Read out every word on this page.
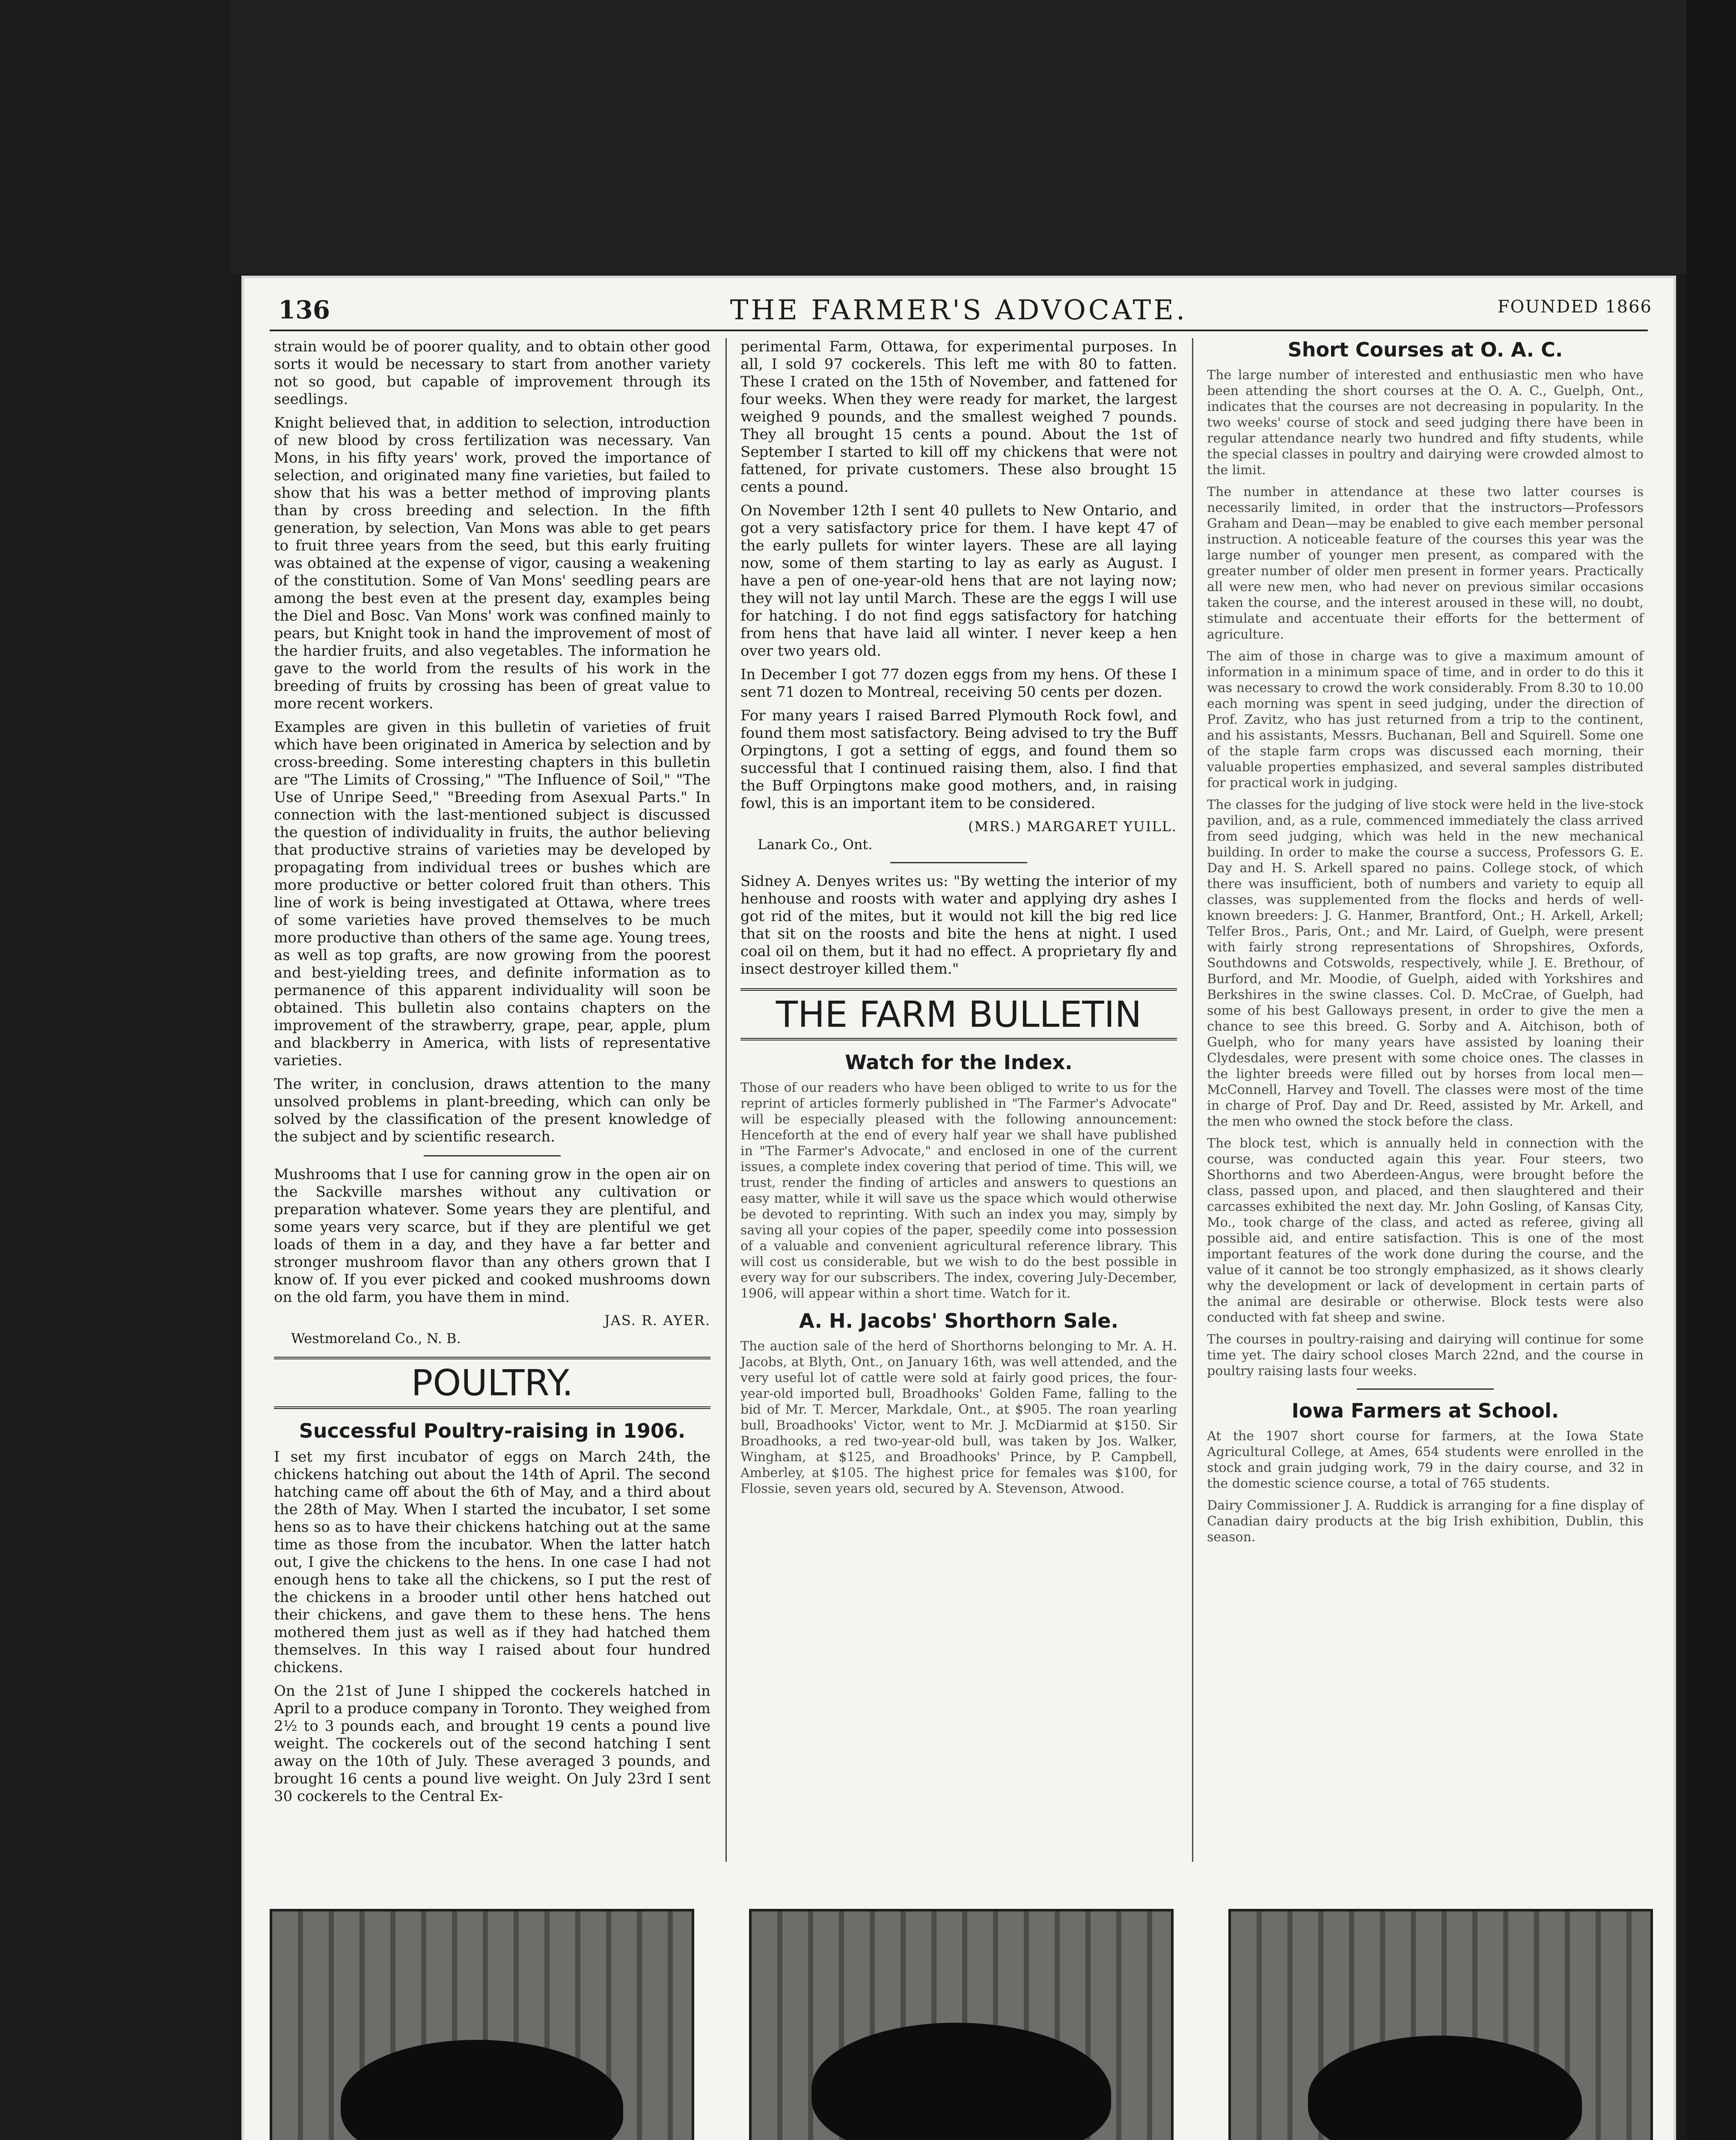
136	THE FARMER'S ADVOCATE.	FOUNDED 1866

strain would be of poorer quality, and to obtain other good sorts it would be necessary to start from another variety not so good, but capable of improvement through its seedlings.

Knight believed that, in addition to selection, introduction of new blood by cross fertilization was necessary. Van Mons, in his fifty years' work, proved the importance of selection, and originated many fine varieties, but failed to show that his was a better method of improving plants than by cross breeding and selection. In the fifth generation, by selection, Van Mons was able to get pears to fruit three years from the seed, but this early fruiting was obtained at the expense of vigor, causing a weakening of the constitution. Some of Van Mons' seedling pears are among the best even at the present day, examples being the Diel and Bosc. Van Mons' work was confined mainly to pears, but Knight took in hand the improvement of most of the hardier fruits, and also vegetables. The information he gave to the world from the results of his work in the breeding of fruits by crossing has been of great value to more recent workers.

Examples are given in this bulletin of varieties of fruit which have been originated in America by selection and by cross-breeding. Some interesting chapters in this bulletin are "The Limits of Crossing," "The Influence of Soil," "The Use of Unripe Seed," "Breeding from Asexual Parts." In connection with the last-mentioned subject is discussed the question of individuality in fruits, the author believing that productive strains of varieties may be developed by propagating from individual trees or bushes which are more productive or better colored fruit than others. This line of work is being investigated at Ottawa, where trees of some varieties have proved themselves to be much more productive than others of the same age. Young trees, as well as top grafts, are now growing from the poorest and best-yielding trees, and definite information as to permanence of this apparent individuality will soon be obtained. This bulletin also contains chapters on the improvement of the strawberry, grape, pear, apple, plum and blackberry in America, with lists of representative varieties.

The writer, in conclusion, draws attention to the many unsolved problems in plant-breeding, which can only be solved by the classification of the present knowledge of the subject and by scientific research.

Mushrooms that I use for canning grow in the open air on the Sackville marshes without any cultivation or preparation whatever. Some years they are plentiful, and some years very scarce, but if they are plentiful we get loads of them in a day, and they have a far better and stronger mushroom flavor than any others grown that I know of. If you ever picked and cooked mushrooms down on the old farm, you have them in mind.

JAS. R. AYER.

Westmoreland Co., N. B.

POULTRY.
Successful Poultry-raising in 1906.

I set my first incubator of eggs on March 24th, the chickens hatching out about the 14th of April. The second hatching came off about the 6th of May, and a third about the 28th of May. When I started the incubator, I set some hens so as to have their chickens hatching out at the same time as those from the incubator. When the latter hatch out, I give the chickens to the hens. In one case I had not enough hens to take all the chickens, so I put the rest of the chickens in a brooder until other hens hatched out their chickens, and gave them to these hens. The hens mothered them just as well as if they had hatched them themselves. In this way I raised about four hundred chickens.

On the 21st of June I shipped the cockerels hatched in April to a produce company in Toronto. They weighed from 2½ to 3 pounds each, and brought 19 cents a pound live weight. The cockerels out of the second hatching I sent away on the 10th of July. These averaged 3 pounds, and brought 16 cents a pound live weight. On July 23rd I sent 30 cockerels to the Central Ex-

perimental Farm, Ottawa, for experimental purposes. In all, I sold 97 cockerels. This left me with 80 to fatten. These I crated on the 15th of November, and fattened for four weeks. When they were ready for market, the largest weighed 9 pounds, and the smallest weighed 7 pounds. They all brought 15 cents a pound. About the 1st of September I started to kill off my chickens that were not fattened, for private customers. These also brought 15 cents a pound.

On November 12th I sent 40 pullets to New Ontario, and got a very satisfactory price for them. I have kept 47 of the early pullets for winter layers. These are all laying now, some of them starting to lay as early as August. I have a pen of one-year-old hens that are not laying now; they will not lay until March. These are the eggs I will use for hatching. I do not find eggs satisfactory for hatching from hens that have laid all winter. I never keep a hen over two years old.

In December I got 77 dozen eggs from my hens. Of these I sent 71 dozen to Montreal, receiving 50 cents per dozen.

For many years I raised Barred Plymouth Rock fowl, and found them most satisfactory. Being advised to try the Buff Orpingtons, I got a setting of eggs, and found them so successful that I continued raising them, also. I find that the Buff Orpingtons make good mothers, and, in raising fowl, this is an important item to be considered.

(MRS.) MARGARET YUILL.

Lanark Co., Ont.

Sidney A. Denyes writes us: "By wetting the interior of my henhouse and roosts with water and applying dry ashes I got rid of the mites, but it would not kill the big red lice that sit on the roosts and bite the hens at night. I used coal oil on them, but it had no effect. A proprietary fly and insect destroyer killed them."

THE FARM BULLETIN
Watch for the Index.

Those of our readers who have been obliged to write to us for the reprint of articles formerly published in "The Farmer's Advocate" will be especially pleased with the following announcement: Henceforth at the end of every half year we shall have published in "The Farmer's Advocate," and enclosed in one of the current issues, a complete index covering that period of time. This will, we trust, render the finding of articles and answers to questions an easy matter, while it will save us the space which would otherwise be devoted to reprinting. With such an index you may, simply by saving all your copies of the paper, speedily come into possession of a valuable and convenient agricultural reference library. This will cost us considerable, but we wish to do the best possible in every way for our subscribers. The index, covering July-December, 1906, will appear within a short time. Watch for it.

A. H. Jacobs' Shorthorn Sale.

The auction sale of the herd of Shorthorns belonging to Mr. A. H. Jacobs, at Blyth, Ont., on January 16th, was well attended, and the very useful lot of cattle were sold at fairly good prices, the four-year-old imported bull, Broadhooks' Golden Fame, falling to the bid of Mr. T. Mercer, Markdale, Ont., at $905. The roan yearling bull, Broadhooks' Victor, went to Mr. J. McDiarmid at $150. Sir Broadhooks, a red two-year-old bull, was taken by Jos. Walker, Wingham, at $125, and Broadhooks' Prince, by P. Campbell, Amberley, at $105. The highest price for females was $100, for Flossie, seven years old, secured by A. Stevenson, Atwood.

Short Courses at O. A. C.

The large number of interested and enthusiastic men who have been attending the short courses at the O. A. C., Guelph, Ont., indicates that the courses are not decreasing in popularity. In the two weeks' course of stock and seed judging there have been in regular attendance nearly two hundred and fifty students, while the special classes in poultry and dairying were crowded almost to the limit.

The number in attendance at these two latter courses is necessarily limited, in order that the instructors—Professors Graham and Dean—may be enabled to give each member personal instruction. A noticeable feature of the courses this year was the large number of younger men present, as compared with the greater number of older men present in former years. Practically all were new men, who had never on previous similar occasions taken the course, and the interest aroused in these will, no doubt, stimulate and accentuate their efforts for the betterment of agriculture.

The aim of those in charge was to give a maximum amount of information in a minimum space of time, and in order to do this it was necessary to crowd the work considerably. From 8.30 to 10.00 each morning was spent in seed judging, under the direction of Prof. Zavitz, who has just returned from a trip to the continent, and his assistants, Messrs. Buchanan, Bell and Squirell. Some one of the staple farm crops was discussed each morning, their valuable properties emphasized, and several samples distributed for practical work in judging.

The classes for the judging of live stock were held in the live-stock pavilion, and, as a rule, commenced immediately the class arrived from seed judging, which was held in the new mechanical building. In order to make the course a success, Professors G. E. Day and H. S. Arkell spared no pains. College stock, of which there was insufficient, both of numbers and variety to equip all classes, was supplemented from the flocks and herds of well-known breeders: J. G. Hanmer, Brantford, Ont.; H. Arkell, Arkell; Telfer Bros., Paris, Ont.; and Mr. Laird, of Guelph, were present with fairly strong representations of Shropshires, Oxfords, Southdowns and Cotswolds, respectively, while J. E. Brethour, of Burford, and Mr. Moodie, of Guelph, aided with Yorkshires and Berkshires in the swine classes. Col. D. McCrae, of Guelph, had some of his best Galloways present, in order to give the men a chance to see this breed. G. Sorby and A. Aitchison, both of Guelph, who for many years have assisted by loaning their Clydesdales, were present with some choice ones. The classes in the lighter breeds were filled out by horses from local men—McConnell, Harvey and Tovell. The classes were most of the time in charge of Prof. Day and Dr. Reed, assisted by Mr. Arkell, and the men who owned the stock before the class.

The block test, which is annually held in connection with the course, was conducted again this year. Four steers, two Shorthorns and two Aberdeen-Angus, were brought before the class, passed upon, and placed, and then slaughtered and their carcasses exhibited the next day. Mr. John Gosling, of Kansas City, Mo., took charge of the class, and acted as referee, giving all possible aid, and entire satisfaction. This is one of the most important features of the work done during the course, and the value of it cannot be too strongly emphasized, as it shows clearly why the development or lack of development in certain parts of the animal are desirable or otherwise. Block tests were also conducted with fat sheep and swine.

The courses in poultry-raising and dairying will continue for some time yet. The dairy school closes March 22nd, and the course in poultry raising lasts four weeks.

Iowa Farmers at School.

At the 1907 short course for farmers, at the Iowa State Agricultural College, at Ames, 654 students were enrolled in the stock and grain judging work, 79 in the dairy course, and 32 in the domestic science course, a total of 765 students.

Dairy Commissioner J. A. Ruddick is arranging for a fine display of Canadian dairy products at the big Irish exhibition, Dublin, this season.
